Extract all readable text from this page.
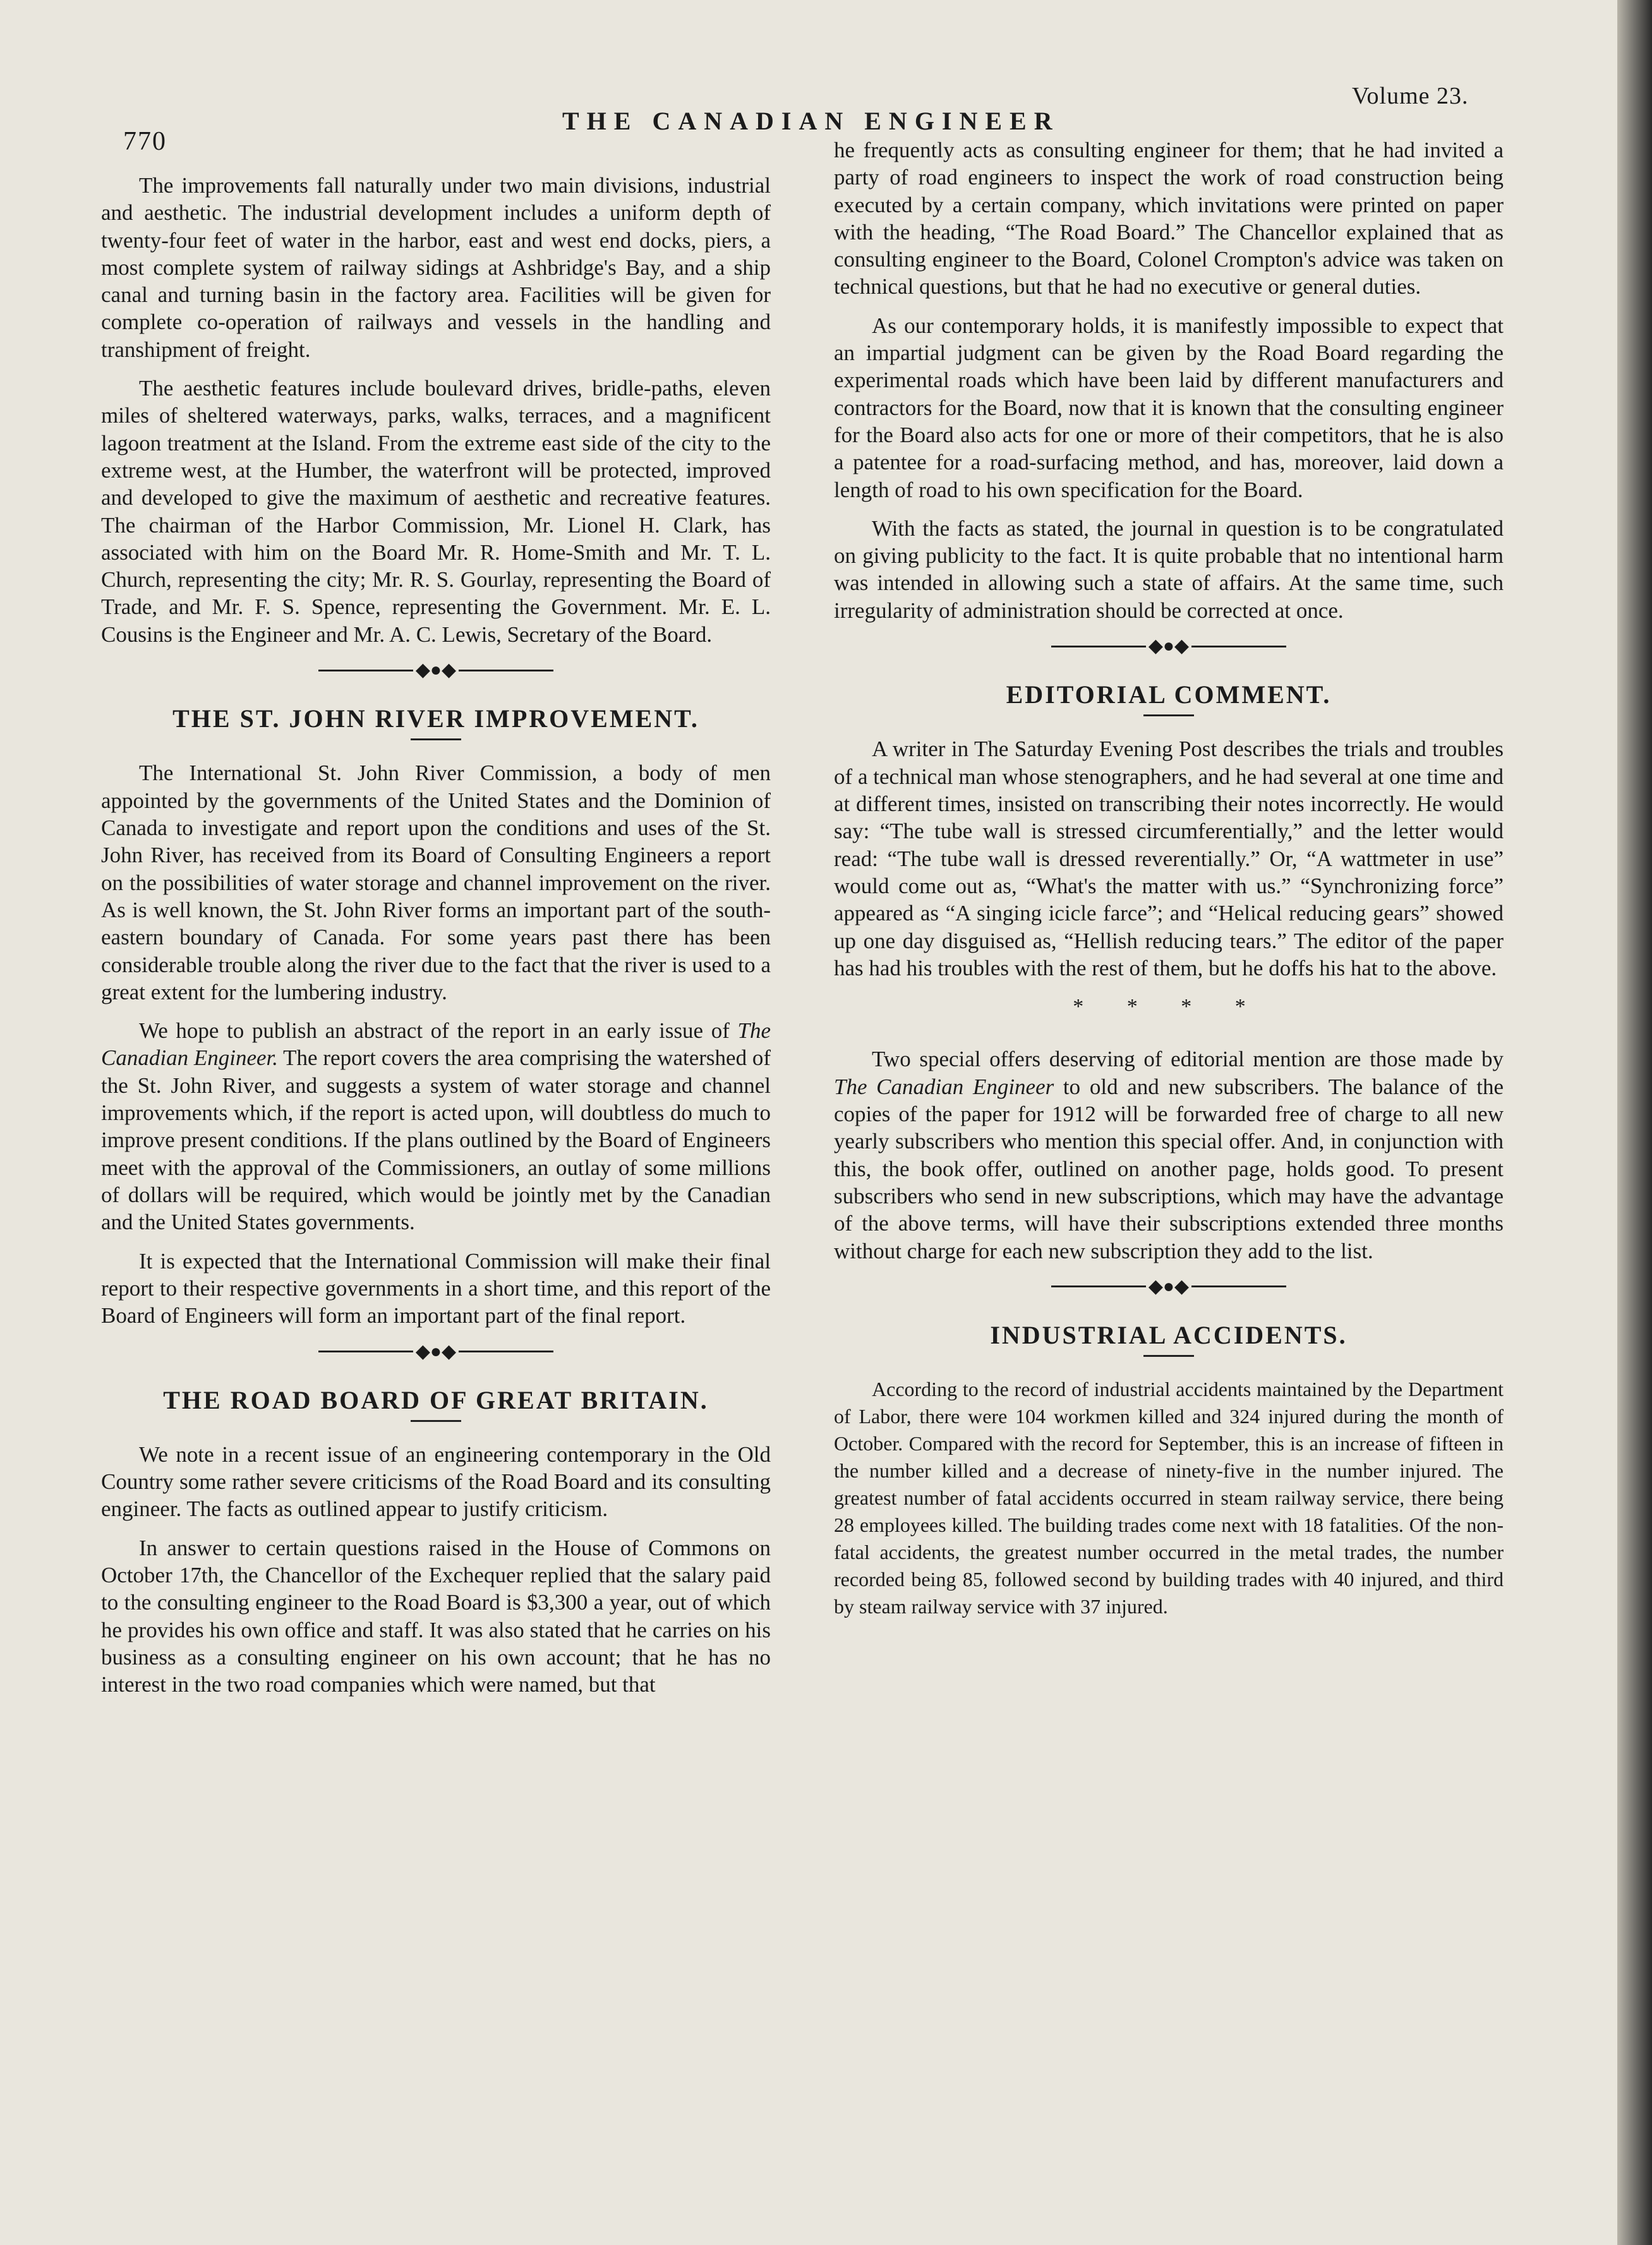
770
THE CANADIAN ENGINEER
Volume 23.

The improvements fall naturally under two main divisions, industrial and aesthetic. The industrial development includes a uniform depth of twenty-four feet of water in the harbor, east and west end docks, piers, a most complete system of railway sidings at Ashbridge's Bay, and a ship canal and turning basin in the factory area. Facilities will be given for complete co-operation of railways and vessels in the handling and transhipment of freight.

The aesthetic features include boulevard drives, bridle-paths, eleven miles of sheltered waterways, parks, walks, terraces, and a magnificent lagoon treatment at the Island. From the extreme east side of the city to the extreme west, at the Humber, the waterfront will be protected, improved and developed to give the maximum of aesthetic and recreative features. The chairman of the Harbor Commission, Mr. Lionel H. Clark, has associated with him on the Board Mr. R. Home-Smith and Mr. T. L. Church, representing the city; Mr. R. S. Gourlay, representing the Board of Trade, and Mr. F. S. Spence, representing the Government. Mr. E. L. Cousins is the Engineer and Mr. A. C. Lewis, Secretary of the Board.

◆●◆
THE ST. JOHN RIVER IMPROVEMENT.

The International St. John River Commission, a body of men appointed by the governments of the United States and the Dominion of Canada to investigate and report upon the conditions and uses of the St. John River, has received from its Board of Consulting Engineers a report on the possibilities of water storage and channel improvement on the river. As is well known, the St. John River forms an important part of the south-eastern boundary of Canada. For some years past there has been considerable trouble along the river due to the fact that the river is used to a great extent for the lumbering industry.

We hope to publish an abstract of the report in an early issue of The Canadian Engineer. The report covers the area comprising the watershed of the St. John River, and suggests a system of water storage and channel improvements which, if the report is acted upon, will doubtless do much to improve present conditions. If the plans outlined by the Board of Engineers meet with the approval of the Commissioners, an outlay of some millions of dollars will be required, which would be jointly met by the Canadian and the United States governments.

It is expected that the International Commission will make their final report to their respective governments in a short time, and this report of the Board of Engineers will form an important part of the final report.

◆●◆
THE ROAD BOARD OF GREAT BRITAIN.

We note in a recent issue of an engineering contemporary in the Old Country some rather severe criticisms of the Road Board and its consulting engineer. The facts as outlined appear to justify criticism.

In answer to certain questions raised in the House of Commons on October 17th, the Chancellor of the Exchequer replied that the salary paid to the consulting engineer to the Road Board is $3,300 a year, out of which he provides his own office and staff. It was also stated that he carries on his business as a consulting engineer on his own account; that he has no interest in the two road companies which were named, but that

he frequently acts as consulting engineer for them; that he had invited a party of road engineers to inspect the work of road construction being executed by a certain company, which invitations were printed on paper with the heading, “The Road Board.” The Chancellor explained that as consulting engineer to the Board, Colonel Crompton's advice was taken on technical questions, but that he had no executive or general duties.

As our contemporary holds, it is manifestly impossible to expect that an impartial judgment can be given by the Road Board regarding the experimental roads which have been laid by different manufacturers and contractors for the Board, now that it is known that the consulting engineer for the Board also acts for one or more of their competitors, that he is also a patentee for a road-surfacing method, and has, moreover, laid down a length of road to his own specification for the Board.

With the facts as stated, the journal in question is to be congratulated on giving publicity to the fact. It is quite probable that no intentional harm was intended in allowing such a state of affairs. At the same time, such irregularity of administration should be corrected at once.

◆●◆
EDITORIAL COMMENT.

A writer in The Saturday Evening Post describes the trials and troubles of a technical man whose stenographers, and he had several at one time and at different times, insisted on transcribing their notes incorrectly. He would say: “The tube wall is stressed circumferentially,” and the letter would read: “The tube wall is dressed reverentially.” Or, “A wattmeter in use” would come out as, “What's the matter with us.” “Synchronizing force” appeared as “A singing icicle farce”; and “Helical reducing gears” showed up one day disguised as, “Hellish reducing tears.” The editor of the paper has had his troubles with the rest of them, but he doffs his hat to the above.

* * * *

Two special offers deserving of editorial mention are those made by The Canadian Engineer to old and new subscribers. The balance of the copies of the paper for 1912 will be forwarded free of charge to all new yearly subscribers who mention this special offer. And, in conjunction with this, the book offer, outlined on another page, holds good. To present subscribers who send in new subscriptions, which may have the advantage of the above terms, will have their subscriptions extended three months without charge for each new subscription they add to the list.

◆●◆
INDUSTRIAL ACCIDENTS.

According to the record of industrial accidents maintained by the Department of Labor, there were 104 workmen killed and 324 injured during the month of October. Compared with the record for September, this is an increase of fifteen in the number killed and a decrease of ninety-five in the number injured. The greatest number of fatal accidents occurred in steam railway service, there being 28 employees killed. The building trades come next with 18 fatalities. Of the non-fatal accidents, the greatest number occurred in the metal trades, the number recorded being 85, followed second by building trades with 40 injured, and third by steam railway service with 37 injured.
